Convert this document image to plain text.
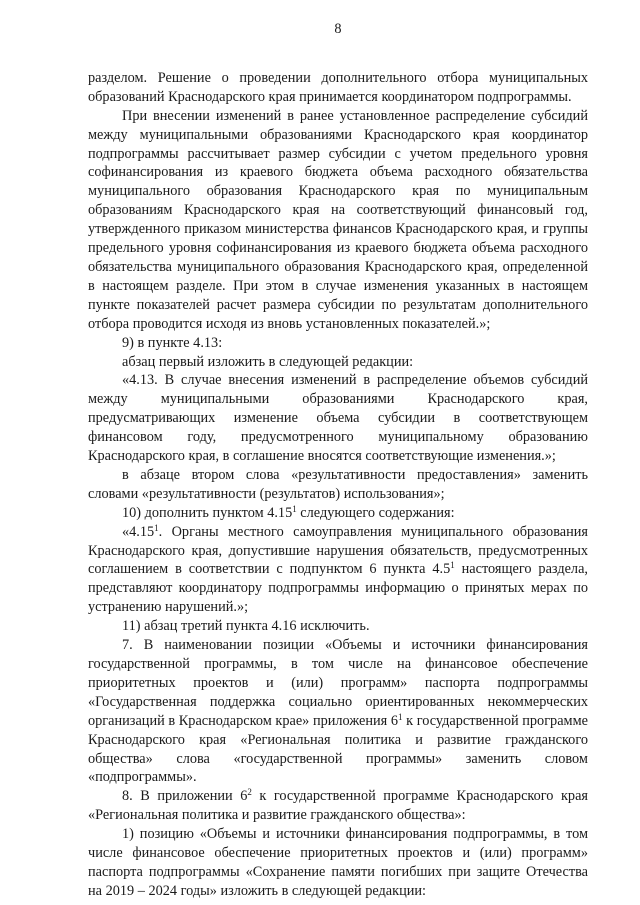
8

разделом. Решение о проведении дополнительного отбора муниципальных образований Краснодарского края принимается координатором подпрограммы.

При внесении изменений в ранее установленное распределение субсидий между муниципальными образованиями Краснодарского края координатор подпрограммы рассчитывает размер субсидии с учетом предельного уровня софинансирования из краевого бюджета объема расходного обязательства муниципального образования Краснодарского края по муниципальным образованиям Краснодарского края на соответствующий финансовый год, утвержденного приказом министерства финансов Краснодарского края, и группы предельного уровня софинансирования из краевого бюджета объема расходного обязательства муниципального образования Краснодарского края, определенной в настоящем разделе. При этом в случае изменения указанных в настоящем пункте показателей расчет размера субсидии по результатам дополнительного отбора проводится исходя из вновь установленных показателей.»;

9) в пункте 4.13:

абзац первый изложить в следующей редакции:

«4.13. В случае внесения изменений в распределение объемов субсидий между муниципальными образованиями Краснодарского края, предусматривающих изменение объема субсидии в соответствующем финансовом году, предусмотренного муниципальному образованию Краснодарского края, в соглашение вносятся соответствующие изменения.»;

в абзаце втором слова «результативности предоставления» заменить словами «результативности (результатов) использования»;

10) дополнить пунктом 4.15$^1$ следующего содержания:

«4.15$^1$. Органы местного самоуправления муниципального образования Краснодарского края, допустившие нарушения обязательств, предусмотренных соглашением в соответствии с подпунктом 6 пункта $4.5^1$ настоящего раздела, представляют координатору подпрограммы информацию о принятых мерах по устранению нарушений.»;

11) абзац третий пункта 4.16 исключить.

7. В наименовании позиции «Объемы и источники финансирования государственной программы, в том числе на финансовое обеспечение приоритетных проектов и (или) программ» паспорта подпрограммы «Государственная поддержка социально ориентированных некоммерческих организаций в Краснодарском крае» приложения $6^1$ к государственной программе Краснодарского края «Региональная политика и развитие гражданского общества» слова «государственной программы» заменить словом «подпрограммы».

8. В приложении $6^2$ к государственной программе Краснодарского края «Региональная политика и развитие гражданского общества»:

1) позицию «Объемы и источники финансирования подпрограммы, в том числе финансовое обеспечение приоритетных проектов и (или) программ» паспорта подпрограммы «Сохранение памяти погибших при защите Отечества на 2019 – 2024 годы» изложить в следующей редакции:
